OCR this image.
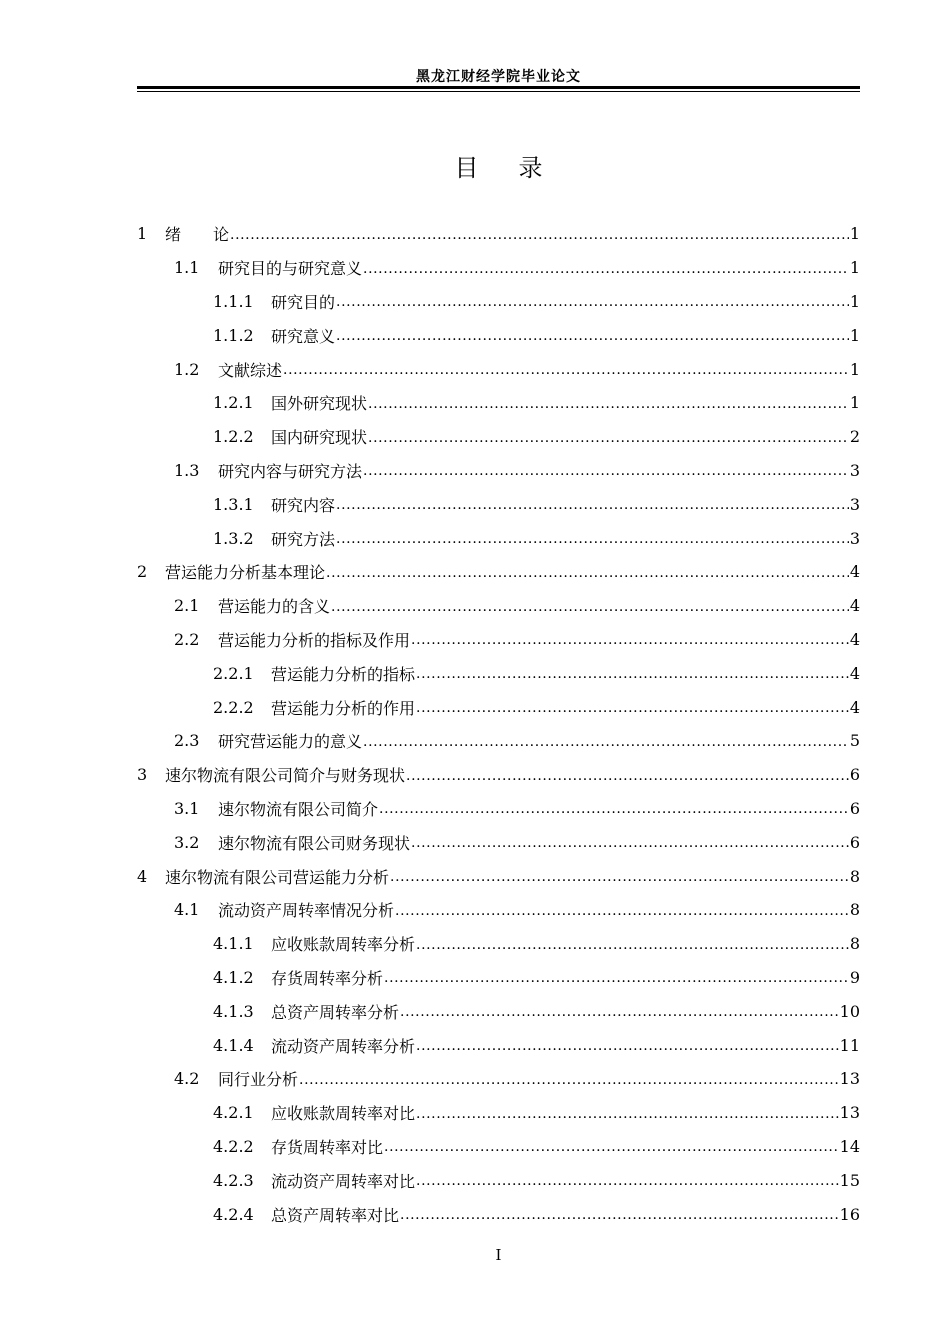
黑龙江财经学院毕业论文
目录
1	绪　　论 .....	1
1.1	研究目的与研究意义 .....	1
1.1.1	研究目的 .....	1
1.1.2	研究意义 .....	1
1.2	文献综述 .....	1
1.2.1	国外研究现状 .....	1
1.2.2	国内研究现状 .....	2
1.3	研究内容与研究方法 .....	3
1.3.1	研究内容 .....	3
1.3.2	研究方法 .....	3
2	营运能力分析基本理论 .....	4
2.1	营运能力的含义 .....	4
2.2	营运能力分析的指标及作用 .....	4
2.2.1	营运能力分析的指标 .....	4
2.2.2	营运能力分析的作用 .....	4
2.3	研究营运能力的意义 .....	5
3	速尔物流有限公司简介与财务现状 .....	6
3.1	速尔物流有限公司简介 .....	6
3.2	速尔物流有限公司财务现状 .....	6
4	速尔物流有限公司营运能力分析 .....	8
4.1	流动资产周转率情况分析 .....	8
4.1.1	应收账款周转率分析 .....	8
4.1.2	存货周转率分析 .....	9
4.1.3	总资产周转率分析 .....	10
4.1.4	流动资产周转率分析 .....	11
4.2	同行业分析 .....	13
4.2.1	应收账款周转率对比 .....	13
4.2.2	存货周转率对比 .....	14
4.2.3	流动资产周转率对比 .....	15
4.2.4	总资产周转率对比 .....	16
I
